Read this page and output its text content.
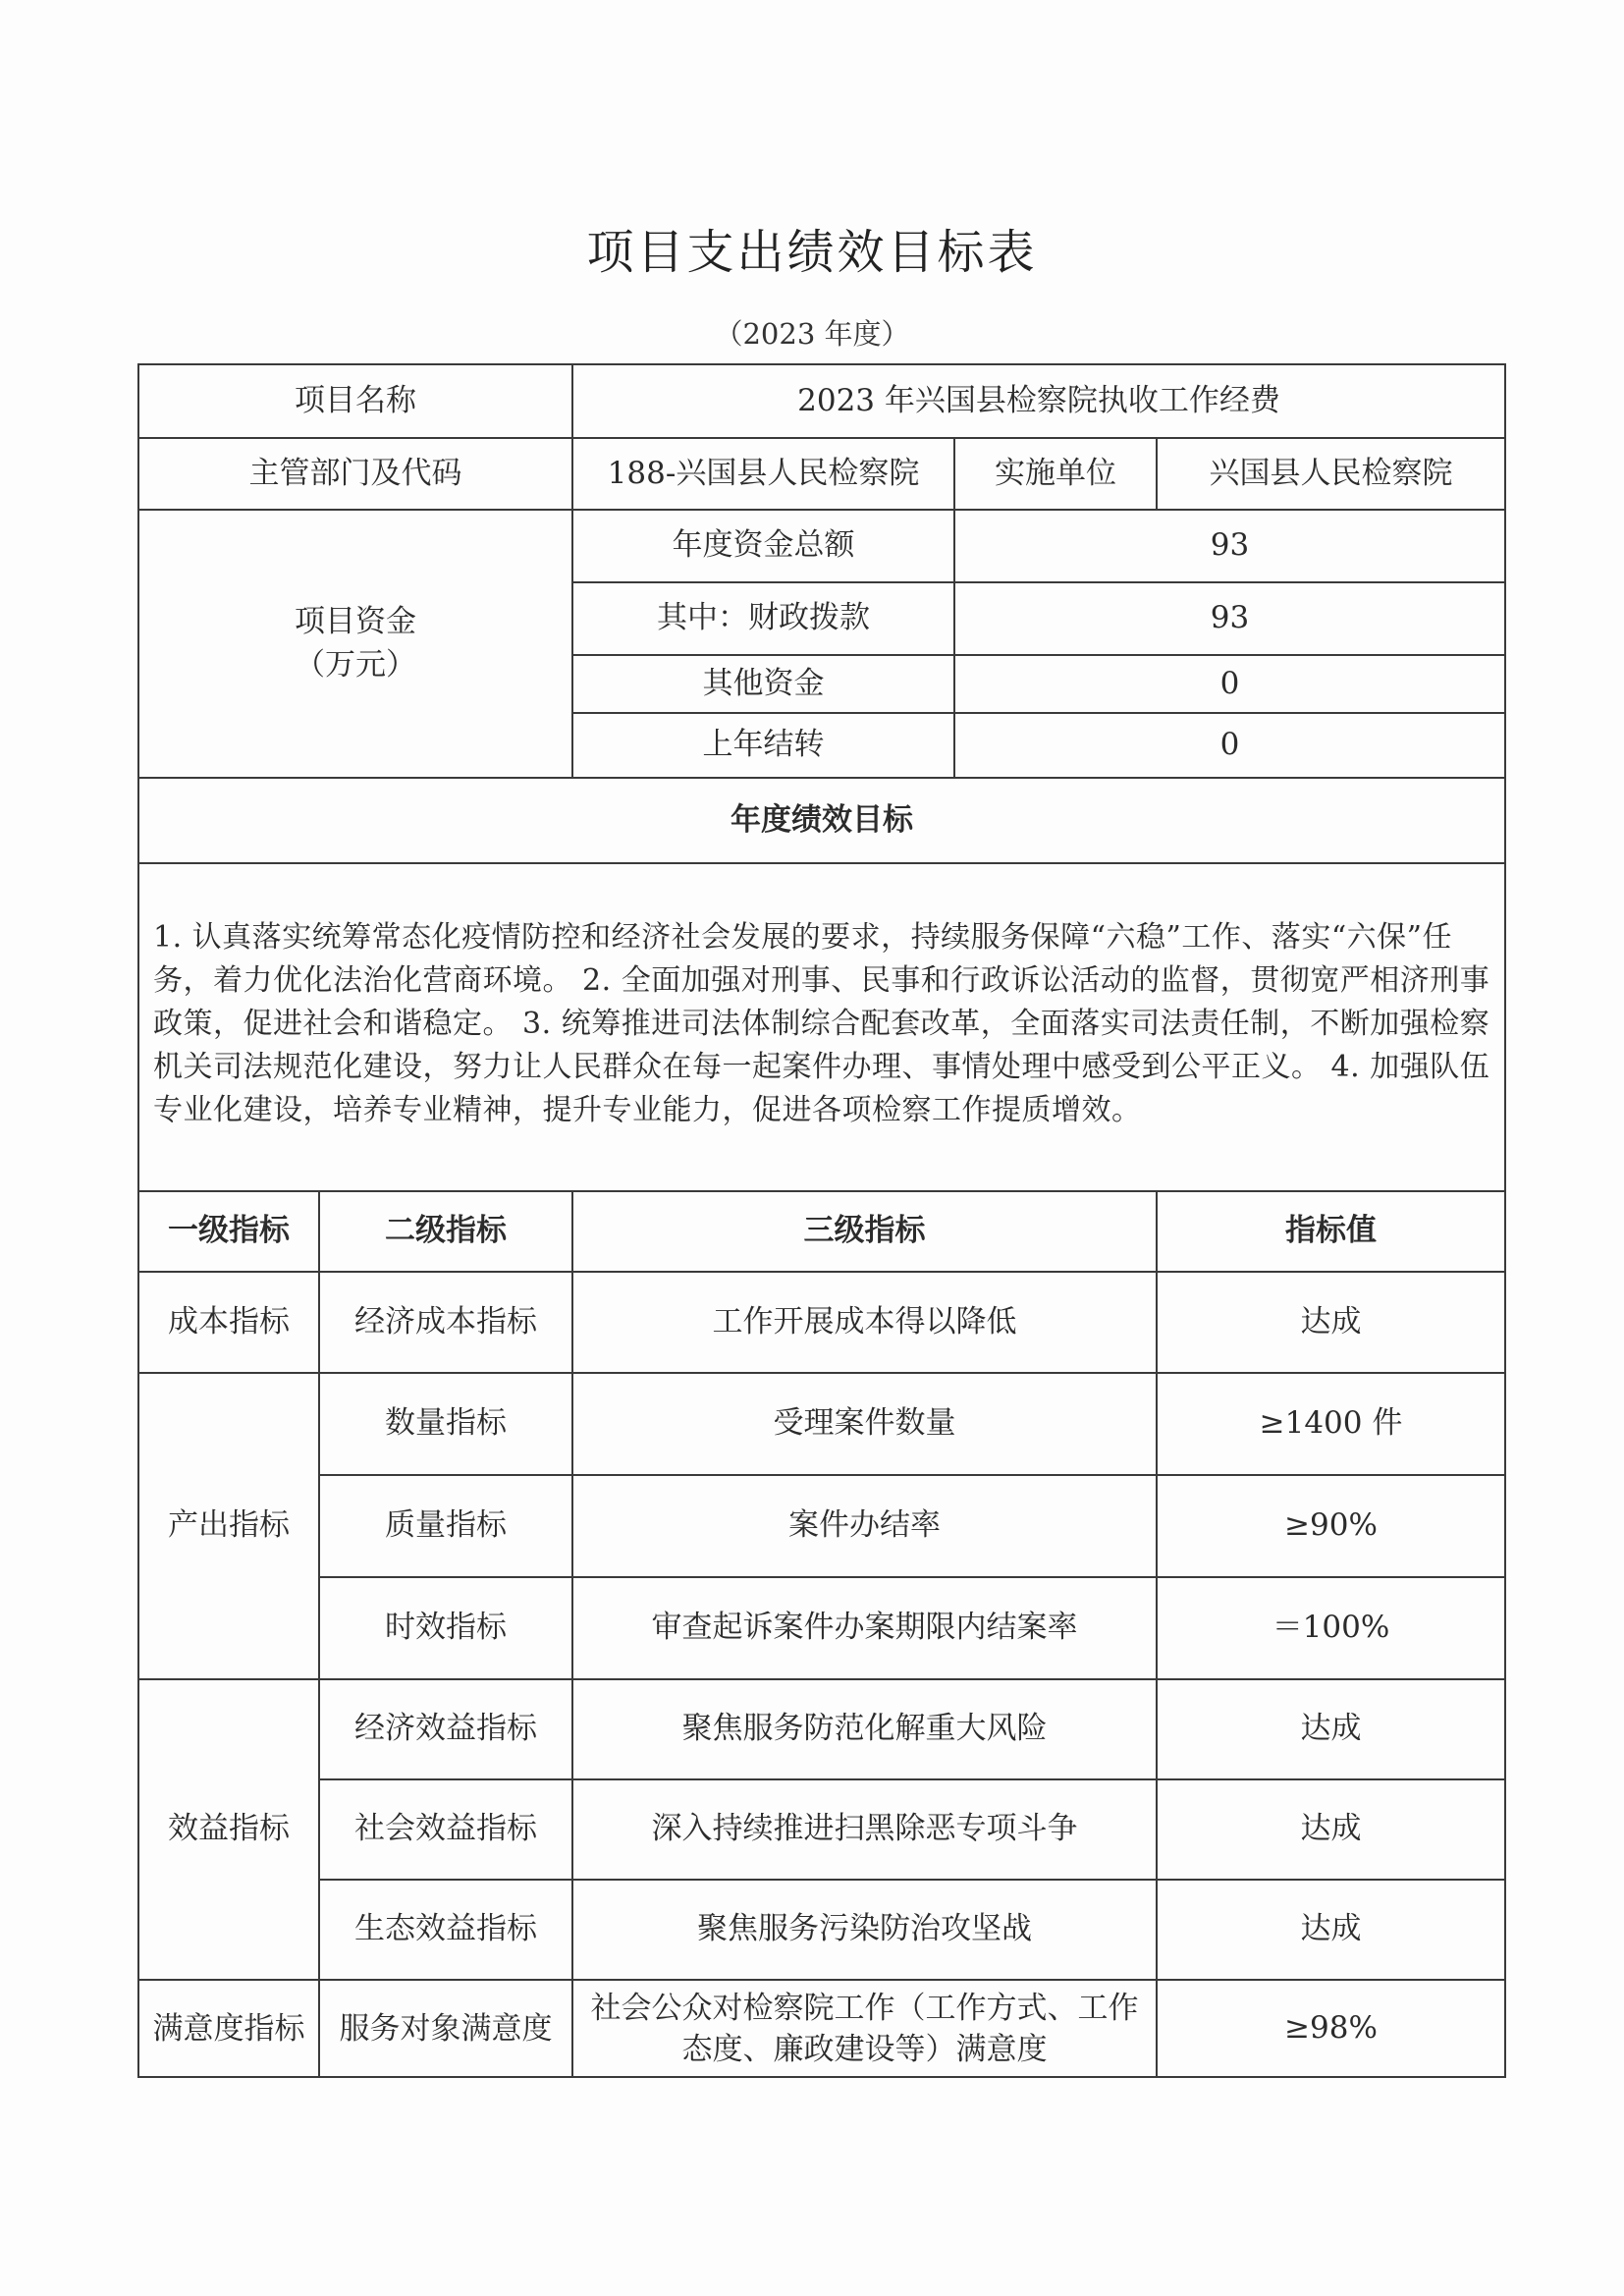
项目支出绩效目标表
（2023 年度）
项目名称		2023 年兴国县检察院执收工作经费		
主管部门及代码		188-兴国县人民检察院	实施单位	兴国县人民检察院

项目资金
（万元）		年度资金总额	93	
		其中：财政拨款	93	
		其他资金	0	
		上年结转	0	
年度绩效目标				
1. 认真落实统筹常态化疫情防控和经济社会发展的要求，持续服务保障“六稳”工作、落实“六保”任务，着力优化法治化营商环境。 2. 全面加强对刑事、民事和行政诉讼活动的监督，贯彻宽严相济刑事政策，促进社会和谐稳定。 3. 统筹推进司法体制综合配套改革，全面落实司法责任制，不断加强检察机关司法规范化建设，努力让人民群众在每一起案件办理、事情处理中感受到公平正义。 4. 加强队伍专业化建设，培养专业精神，提升专业能力，促进各项检察工作提质增效。				
一级指标	二级指标	三级指标		指标值
成本指标	经济成本指标	工作开展成本得以降低		达成
产出指标	数量指标	受理案件数量		≥1400 件
	质量指标	案件办结率		≥90%
	时效指标	审查起诉案件办案期限内结案率		＝100%
效益指标	经济效益指标	聚焦服务防范化解重大风险		达成
	社会效益指标	深入持续推进扫黑除恶专项斗争		达成
	生态效益指标	聚焦服务污染防治攻坚战		达成
满意度指标	服务对象满意度	社会公众对检察院工作（工作方式、工作态度、廉政建设等）满意度		≥98%
